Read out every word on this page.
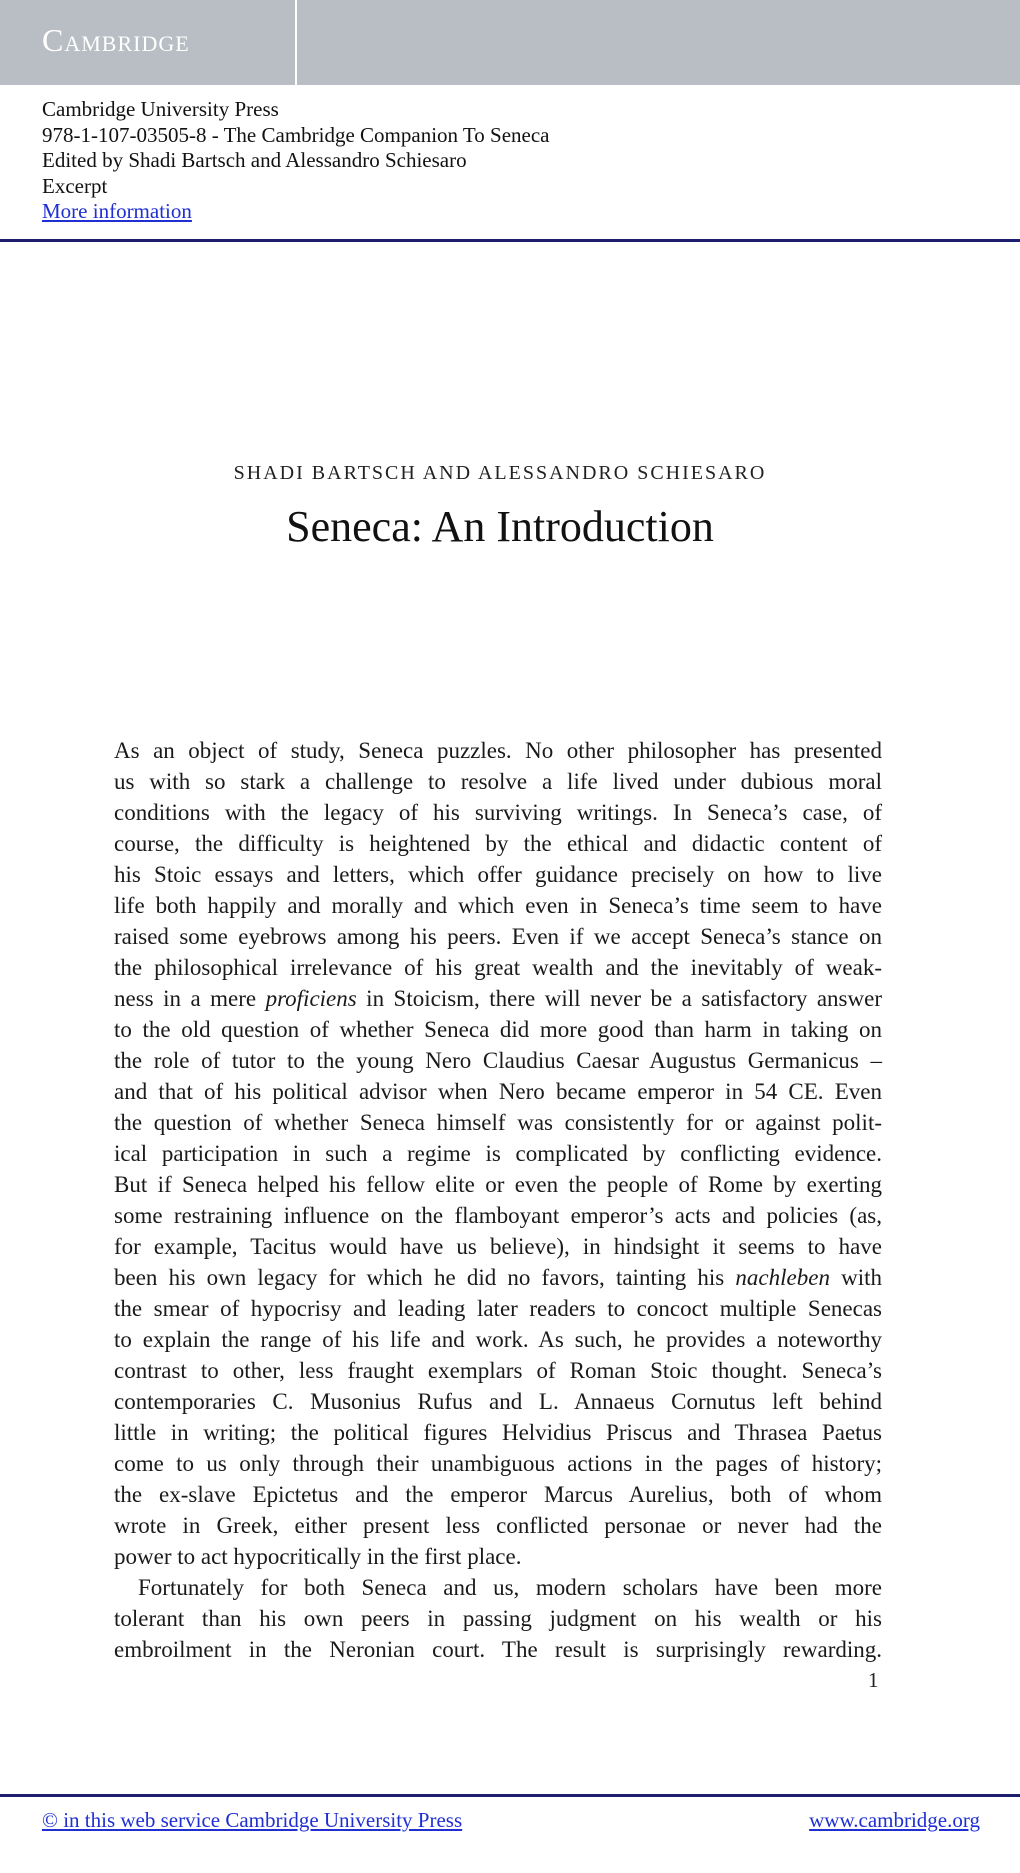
Cambridge
Cambridge University Press
978-1-107-03505-8 - The Cambridge Companion To Seneca
Edited by Shadi Bartsch and Alessandro Schiesaro
Excerpt
More information
SHADI BARTSCH AND ALESSANDRO SCHIESARO
Seneca: An Introduction
As an object of study, Seneca puzzles. No other philosopher has presented
us with so stark a challenge to resolve a life lived under dubious moral
conditions with the legacy of his surviving writings. In Seneca’s case, of
course, the difficulty is heightened by the ethical and didactic content of
his Stoic essays and letters, which offer guidance precisely on how to live
life both happily and morally and which even in Seneca’s time seem to have
raised some eyebrows among his peers. Even if we accept Seneca’s stance on
the philosophical irrelevance of his great wealth and the inevitably of weak-
ness in a mere proficiens in Stoicism, there will never be a satisfactory answer
to the old question of whether Seneca did more good than harm in taking on
the role of tutor to the young Nero Claudius Caesar Augustus Germanicus –
and that of his political advisor when Nero became emperor in 54 CE. Even
the question of whether Seneca himself was consistently for or against polit-
ical participation in such a regime is complicated by conflicting evidence.
But if Seneca helped his fellow elite or even the people of Rome by exerting
some restraining influence on the flamboyant emperor’s acts and policies (as,
for example, Tacitus would have us believe), in hindsight it seems to have
been his own legacy for which he did no favors, tainting his nachleben with
the smear of hypocrisy and leading later readers to concoct multiple Senecas
to explain the range of his life and work. As such, he provides a noteworthy
contrast to other, less fraught exemplars of Roman Stoic thought. Seneca’s
contemporaries C. Musonius Rufus and L. Annaeus Cornutus left behind
little in writing; the political figures Helvidius Priscus and Thrasea Paetus
come to us only through their unambiguous actions in the pages of history;
the ex-slave Epictetus and the emperor Marcus Aurelius, both of whom
wrote in Greek, either present less conflicted personae or never had the
power to act hypocritically in the first place.
Fortunately for both Seneca and us, modern scholars have been more
tolerant than his own peers in passing judgment on his wealth or his
embroilment in the Neronian court. The result is surprisingly rewarding.
1
© in this web service Cambridge University Press	www.cambridge.org
